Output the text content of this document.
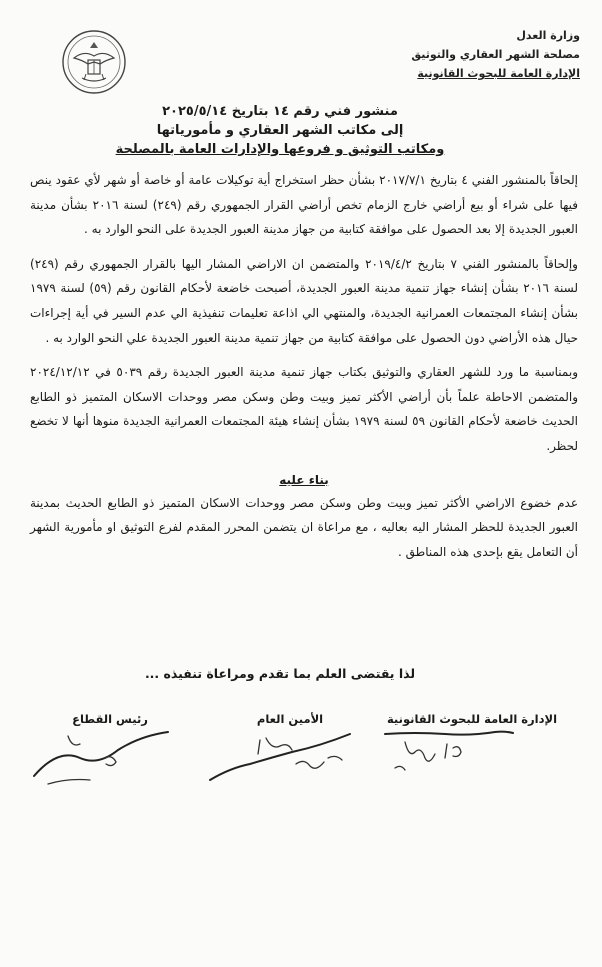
وزارة العدل
مصلحة الشهر العقاري والتوثيق
الإدارة العامة للبحوث القانونية
منشور فني رقم ١٤ بتاريخ ٢٠٢٥/٥/١٤
إلى مكاتب الشهر العقاري و مأمورياتها
ومكاتب التوثيق و فروعها والإدارات العامة بالمصلحة

إلحاقاً بالمنشور الفني ٤ بتاريخ ٢٠١٧/٧/١ بشأن حظر استخراج أية توكيلات عامة أو خاصة أو شهر لأي عقود ينص فيها على شراء أو بيع أراضي خارج الزمام تخص أراضي القرار الجمهوري رقم (٢٤٩) لسنة ٢٠١٦ بشأن مدينة العبور الجديدة إلا بعد الحصول على موافقة كتابية من جهاز مدينة العبور الجديدة على النحو الوارد به .

وإلحاقاً بالمنشور الفني ٧ بتاريخ ٢٠١٩/٤/٢ والمتضمن ان الاراضي المشار اليها بالقرار الجمهوري رقم (٢٤٩) لسنة ٢٠١٦ بشأن إنشاء جهاز تنمية مدينة العبور الجديدة، أصبحت خاضعة لأحكام القانون رقم (٥٩) لسنة ١٩٧٩ بشأن إنشاء المجتمعات العمرانية الجديدة، والمنتهي الي اذاعة تعليمات تنفيذية الي عدم السير في أية إجراءات حيال هذه الأراضي دون الحصول على موافقة كتابية من جهاز تنمية مدينة العبور الجديدة علي النحو الوارد به .

وبمناسبة ما ورد للشهر العقاري والتوثيق بكتاب جهاز تنمية مدينة العبور الجديدة رقم ٥٠٣٩ في ٢٠٢٤/١٢/١٢ والمتضمن الاحاطة علماً بأن أراضي الأكثر تميز وبيت وطن وسكن مصر ووحدات الاسكان المتميز ذو الطابع الحديث خاضعة لأحكام القانون ٥٩ لسنة ١٩٧٩ بشأن إنشاء هيئة المجتمعات العمرانية الجديدة منوها أنها لا تخضع لحظر.

بناء عليه

عدم خضوع الاراضي الأكثر تميز وبيت وطن وسكن مصر ووحدات الاسكان المتميز ذو الطابع الحديث بمدينة العبور الجديدة للحظر المشار اليه بعاليه ، مع مراعاة ان يتضمن المحرر المقدم لفرع التوثيق او مأمورية الشهر أن التعامل يقع بإحدى هذه المناطق .

لذا يقتضى العلم بما تقدم ومراعاة تنفيذه ...
الإدارة العامة للبحوث القانونية
الأمين العام
رئيس القطاع
